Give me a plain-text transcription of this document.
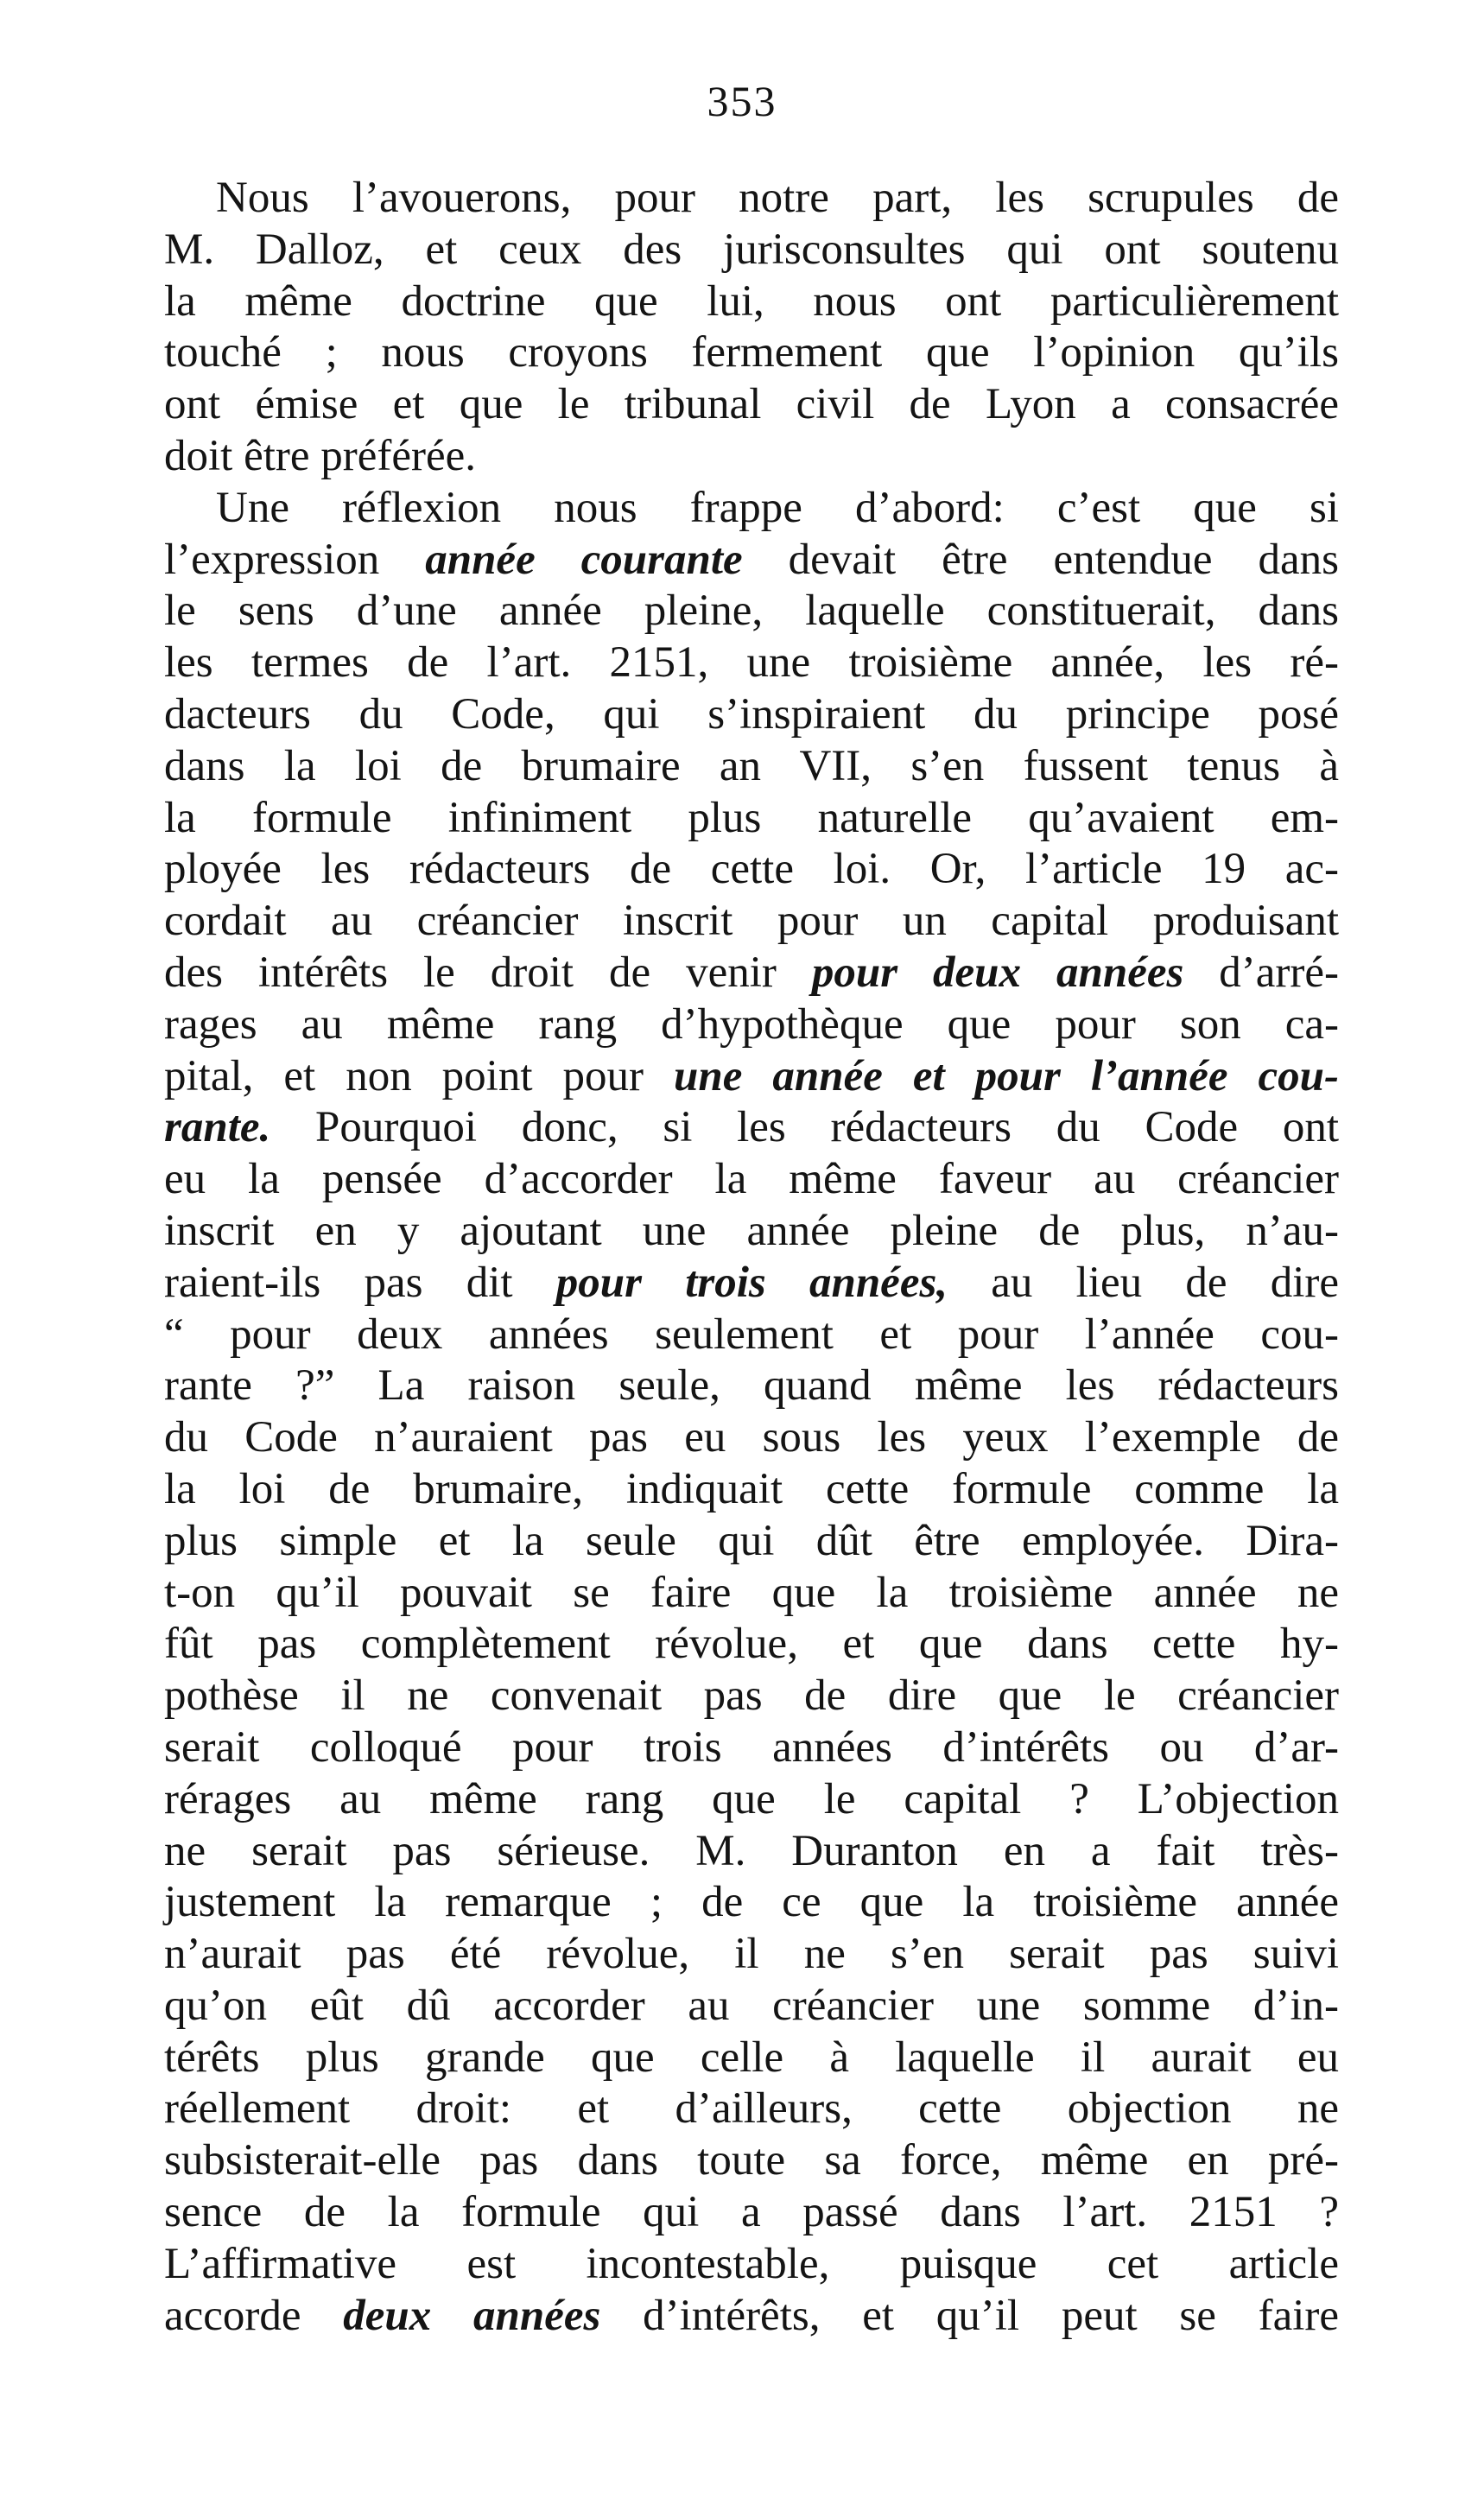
353
Nous l’avouerons, pour notre part, les scrupules de
M. Dalloz, et ceux des jurisconsultes qui ont soutenu
la même doctrine que lui, nous ont particulièrement
touché ; nous croyons fermement que l’opinion qu’ils
ont émise et que le tribunal civil de Lyon a consacrée
doit être préférée.
Une réflexion nous frappe d’abord: c’est que si
l’expression année courante devait être entendue dans
le sens d’une année pleine, laquelle constituerait, dans
les termes de l’art. 2151, une troisième année, les ré-
dacteurs du Code, qui s’inspiraient du principe posé
dans la loi de brumaire an VII, s’en fussent tenus à
la formule infiniment plus naturelle qu’avaient em-
ployée les rédacteurs de cette loi. Or, l’article 19 ac-
cordait au créancier inscrit pour un capital produisant
des intérêts le droit de venir pour deux années d’arré-
rages au même rang d’hypothèque que pour son ca-
pital, et non point pour une année et pour l’année cou-
rante. Pourquoi donc, si les rédacteurs du Code ont
eu la pensée d’accorder la même faveur au créancier
inscrit en y ajoutant une année pleine de plus, n’au-
raient-ils pas dit pour trois années, au lieu de dire
“ pour deux années seulement et pour l’année cou-
rante ?” La raison seule, quand même les rédacteurs
du Code n’auraient pas eu sous les yeux l’exemple de
la loi de brumaire, indiquait cette formule comme la
plus simple et la seule qui dût être employée. Dira-
t-on qu’il pouvait se faire que la troisième année ne
fût pas complètement révolue, et que dans cette hy-
pothèse il ne convenait pas de dire que le créancier
serait colloqué pour trois années d’intérêts ou d’ar-
rérages au même rang que le capital ? L’objection
ne serait pas sérieuse. M. Duranton en a fait très-
justement la remarque ; de ce que la troisième année
n’aurait pas été révolue, il ne s’en serait pas suivi
qu’on eût dû accorder au créancier une somme d’in-
térêts plus grande que celle à laquelle il aurait eu
réellement droit: et d’ailleurs, cette objection ne
subsisterait-elle pas dans toute sa force, même en pré-
sence de la formule qui a passé dans l’art. 2151 ?
L’affirmative est incontestable, puisque cet article
accorde deux années d’intérêts, et qu’il peut se faire
